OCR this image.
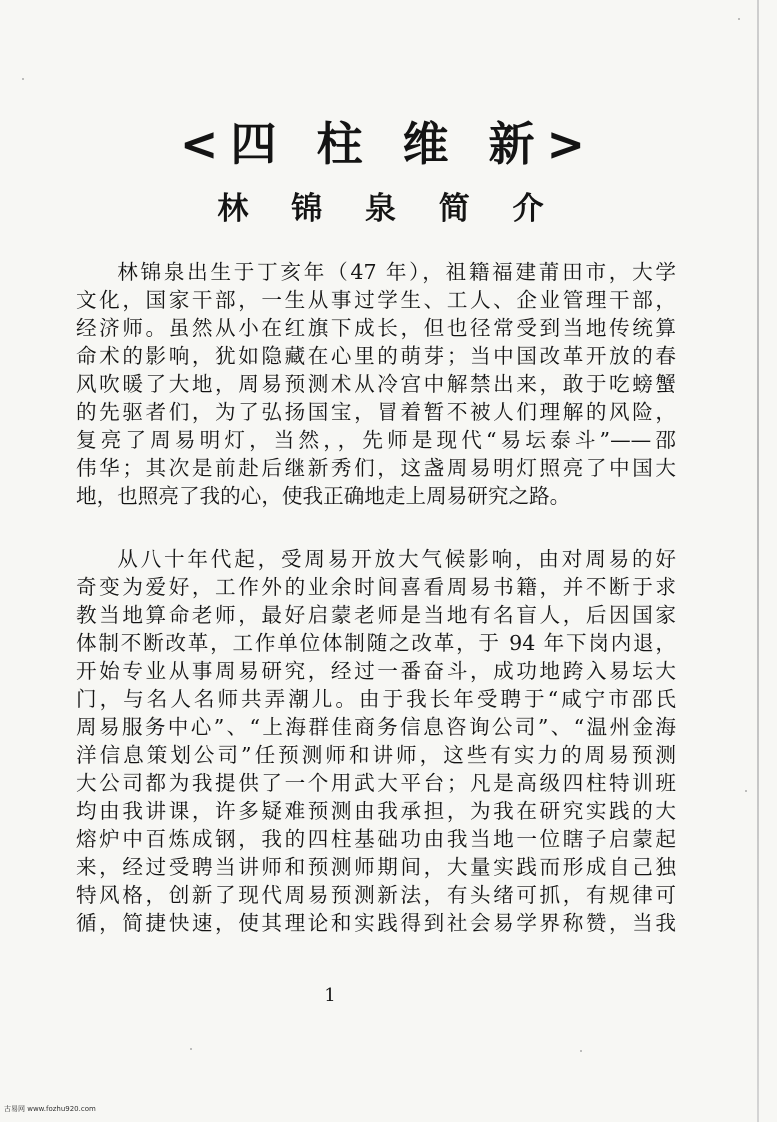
<四 柱 维 新>
林 锦 泉 简 介
林锦泉出生于丁亥年（47 年），祖籍福建莆田市，大学
文化，国家干部，一生从事过学生、工人、企业管理干部，
经济师。虽然从小在红旗下成长，但也径常受到当地传统算
命术的影响，犹如隐藏在心里的萌芽；当中国改革开放的春
风吹暖了大地，周易预测术从冷宫中解禁出来，敢于吃螃蟹
的先驱者们，为了弘扬国宝，冒着暂不被人们理解的风险，
复亮了周易明灯，当然，，先师是现代“易坛泰斗”——邵
伟华；其次是前赴后继新秀们，这盏周易明灯照亮了中国大
地，也照亮了我的心，使我正确地走上周易研究之路。
从八十年代起，受周易开放大气候影响，由对周易的好
奇变为爱好，工作外的业余时间喜看周易书籍，并不断于求
教当地算命老师，最好启蒙老师是当地有名盲人，后因国家
体制不断改革，工作单位体制随之改革，于 94 年下岗内退，
开始专业从事周易研究，经过一番奋斗，成功地跨入易坛大
门，与名人名师共弄潮儿。由于我长年受聘于“咸宁市邵氏
周易服务中心”、“上海群佳商务信息咨询公司”、“温州金海
洋信息策划公司”任预测师和讲师，这些有实力的周易预测
大公司都为我提供了一个用武大平台；凡是高级四柱特训班
均由我讲课，许多疑难预测由我承担，为我在研究实践的大
熔炉中百炼成钢，我的四柱基础功由我当地一位瞎子启蒙起
来，经过受聘当讲师和预测师期间，大量实践而形成自己独
特风格，创新了现代周易预测新法，有头绪可抓，有规律可
循，简捷快速，使其理论和实践得到社会易学界称赞，当我
1
古易网 www.fozhu920.com
